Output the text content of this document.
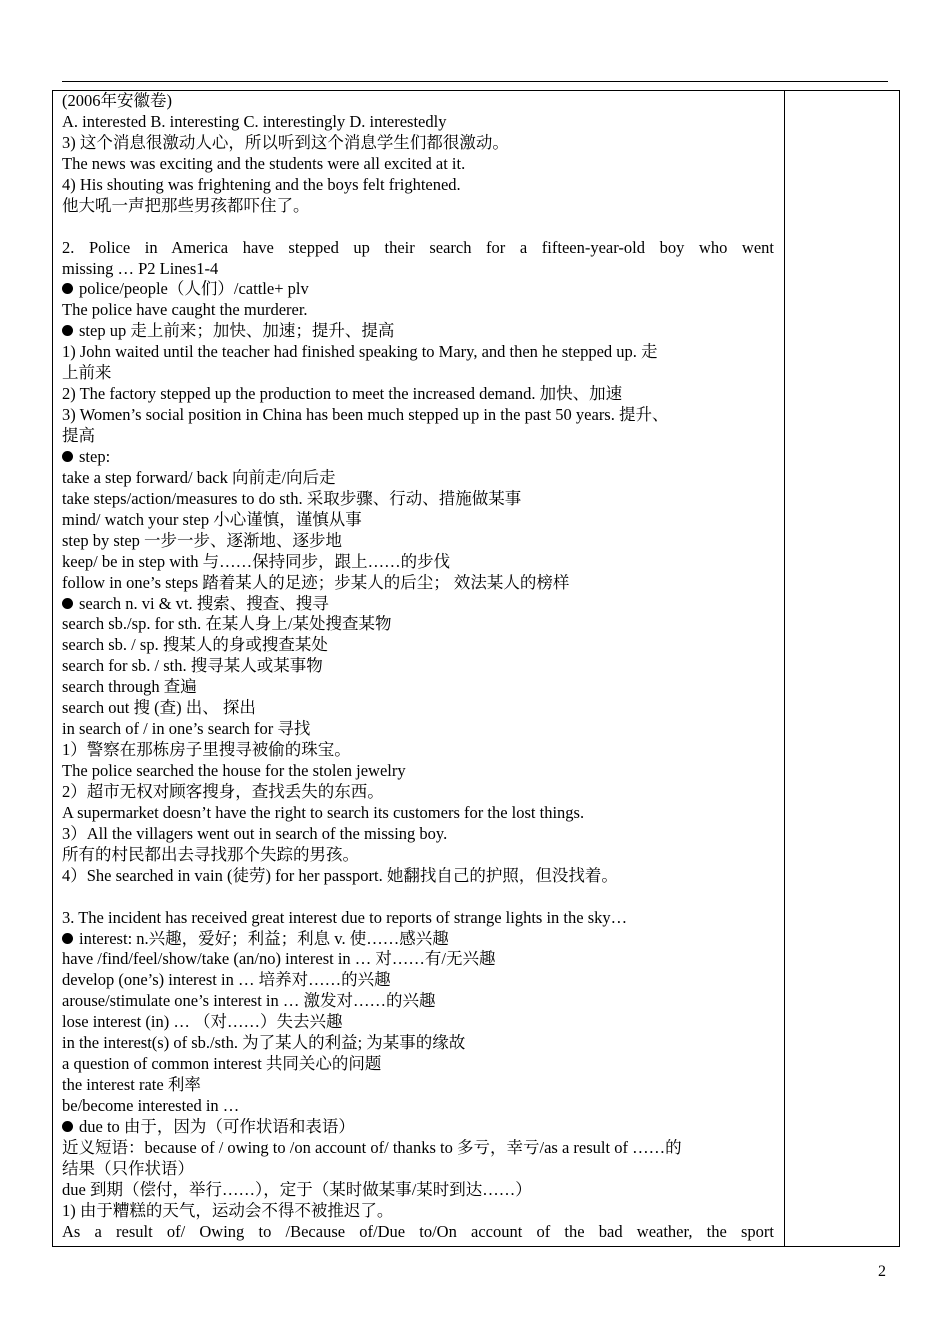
(2006年安徽卷)
A. interested B. interesting C. interestingly D. interestedly
3) 这个消息很激动人心，所以听到这个消息学生们都很激动。
The news was exciting and the students were all excited at it.
4) His shouting was frightening and the boys felt frightened.
他大吼一声把那些男孩都吓住了。
2. Police in America have stepped up their search for a fifteen-year-old boy who went
missing … P2 Lines1-4
police/people（人们）/cattle+ plv
The police have caught the murderer.
step up 走上前来；加快、加速；提升、提高
1) John waited until the teacher had finished speaking to Mary, and then he stepped up. 走
上前来
2) The factory stepped up the production to meet the increased demand. 加快、加速
3) Women’s social position in China has been much stepped up in the past 50 years. 提升、
提高
step:
take a step forward/ back 向前走/向后走
take steps/action/measures to do sth. 采取步骤、行动、措施做某事
mind/ watch your step 小心谨慎，谨慎从事
step by step 一步一步、逐渐地、逐步地
keep/ be in step with 与……保持同步，跟上……的步伐
follow in one’s steps 踏着某人的足迹；步某人的后尘； 效法某人的榜样
search n. vi & vt. 搜索、搜查、搜寻
search sb./sp. for sth. 在某人身上/某处搜查某物
search sb. / sp. 搜某人的身或搜查某处
search for sb. / sth. 搜寻某人或某事物
search through 查遍
search out 搜 (查) 出、 探出
in search of / in one’s search for 寻找
1）警察在那栋房子里搜寻被偷的珠宝。
The police searched the house for the stolen jewelry
2）超市无权对顾客搜身，查找丢失的东西。
A supermarket doesn’t have the right to search its customers for the lost things.
3）All the villagers went out in search of the missing boy.
所有的村民都出去寻找那个失踪的男孩。
4）She searched in vain (徒劳) for her passport. 她翻找自己的护照，但没找着。
3. The incident has received great interest due to reports of strange lights in the sky…
interest: n.兴趣，爱好；利益；利息 v. 使……感兴趣
have /find/feel/show/take (an/no) interest in … 对……有/无兴趣
develop (one’s) interest in … 培养对……的兴趣
arouse/stimulate one’s interest in … 激发对……的兴趣
lose interest (in) … （对……）失去兴趣
in the interest(s) of sb./sth. 为了某人的利益; 为某事的缘故
a question of common interest 共同关心的问题
the interest rate 利率
be/become interested in …
due to 由于，因为（可作状语和表语）
近义短语：because of / owing to /on account of/ thanks to 多亏，幸亏/as a result of ……的
结果（只作状语）
due 到期（偿付，举行……），定于（某时做某事/某时到达……）
1) 由于糟糕的天气，运动会不得不被推迟了。
As a result of/ Owing to /Because of/Due to/On account of the bad weather, the sport
2
